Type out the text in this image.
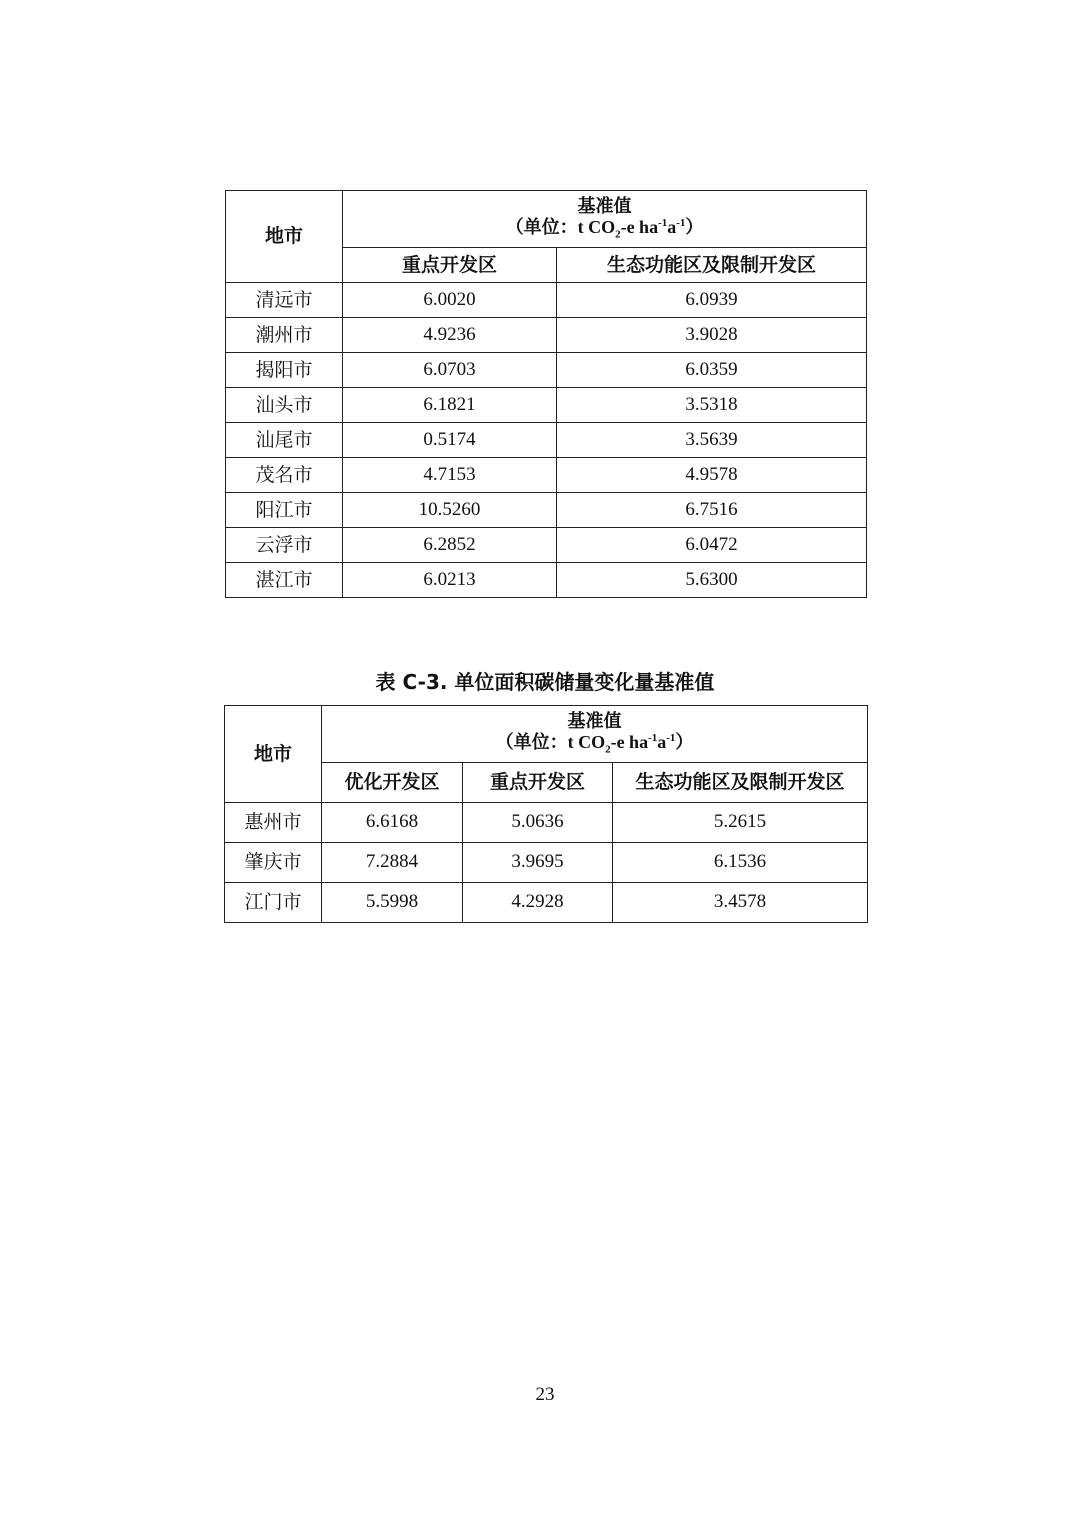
地市	基准值
（单位：t $CO_2-e$ $ha^{-1}a^{-1}$）	

	重点开发区	生态功能区及限制开发区
清远市	6.0020	6.0939
潮州市	4.9236	3.9028
揭阳市	6.0703	6.0359
汕头市	6.1821	3.5318
汕尾市	0.5174	3.5639
茂名市	4.7153	4.9578
阳江市	10.5260	6.7516
云浮市	6.2852	6.0472
湛江市	6.0213	5.6300
表 C-3. 单位面积碳储量变化量基准值
地市	基准值
（单位：t $CO_2-e$ $ha^{-1}a^{-1}$）		

	优化开发区	重点开发区	生态功能区及限制开发区
惠州市	6.6168	5.0636	5.2615
肇庆市	7.2884	3.9695	6.1536
江门市	5.5998	4.2928	3.4578
23
